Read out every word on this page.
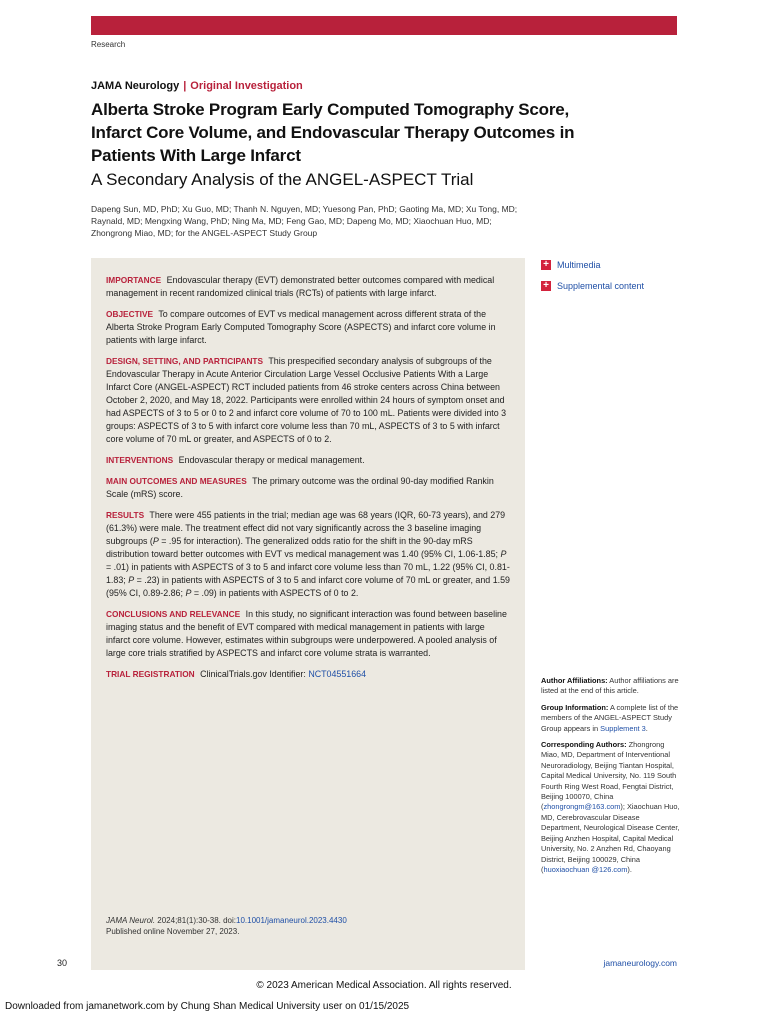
Research
JAMA Neurology | Original Investigation
Alberta Stroke Program Early Computed Tomography Score, Infarct Core Volume, and Endovascular Therapy Outcomes in Patients With Large Infarct
A Secondary Analysis of the ANGEL-ASPECT Trial
Dapeng Sun, MD, PhD; Xu Guo, MD; Thanh N. Nguyen, MD; Yuesong Pan, PhD; Gaoting Ma, MD; Xu Tong, MD; Raynald, MD; Mengxing Wang, PhD; Ning Ma, MD; Feng Gao, MD; Dapeng Mo, MD; Xiaochuan Huo, MD; Zhongrong Miao, MD; for the ANGEL-ASPECT Study Group
+ Multimedia
+ Supplemental content

IMPORTANCE Endovascular therapy (EVT) demonstrated better outcomes compared with medical management in recent randomized clinical trials (RCTs) of patients with large infarct.

OBJECTIVE To compare outcomes of EVT vs medical management across different strata of the Alberta Stroke Program Early Computed Tomography Score (ASPECTS) and infarct core volume in patients with large infarct.

DESIGN, SETTING, AND PARTICIPANTS This prespecified secondary analysis of subgroups of the Endovascular Therapy in Acute Anterior Circulation Large Vessel Occlusive Patients With a Large Infarct Core (ANGEL-ASPECT) RCT included patients from 46 stroke centers across China between October 2, 2020, and May 18, 2022. Participants were enrolled within 24 hours of symptom onset and had ASPECTS of 3 to 5 or 0 to 2 and infarct core volume of 70 to 100 mL. Patients were divided into 3 groups: ASPECTS of 3 to 5 with infarct core volume less than 70 mL, ASPECTS of 3 to 5 with infarct core volume of 70 mL or greater, and ASPECTS of 0 to 2.

INTERVENTIONS Endovascular therapy or medical management.

MAIN OUTCOMES AND MEASURES The primary outcome was the ordinal 90-day modified Rankin Scale (mRS) score.

RESULTS There were 455 patients in the trial; median age was 68 years (IQR, 60-73 years), and 279 (61.3%) were male. The treatment effect did not vary significantly across the 3 baseline imaging subgroups (P = .95 for interaction). The generalized odds ratio for the shift in the 90-day mRS distribution toward better outcomes with EVT vs medical management was 1.40 (95% CI, 1.06-1.85; P = .01) in patients with ASPECTS of 3 to 5 and infarct core volume less than 70 mL, 1.22 (95% CI, 0.81-1.83; P = .23) in patients with ASPECTS of 3 to 5 and infarct core volume of 70 mL or greater, and 1.59 (95% CI, 0.89-2.86; P = .09) in patients with ASPECTS of 0 to 2.

CONCLUSIONS AND RELEVANCE In this study, no significant interaction was found between baseline imaging status and the benefit of EVT compared with medical management in patients with large infarct core volume. However, estimates within subgroups were underpowered. A pooled analysis of large core trials stratified by ASPECTS and infarct core volume strata is warranted.

TRIAL REGISTRATION ClinicalTrials.gov Identifier: NCT04551664

JAMA Neurol. 2024;81(1):30-38. doi:10.1001/jamaneurol.2023.4430
Published online November 27, 2023.

Author Affiliations: Author affiliations are listed at the end of this article.

Group Information: A complete list of the members of the ANGEL-ASPECT Study Group appears in Supplement 3.

Corresponding Authors: Zhongrong Miao, MD, Department of Interventional Neuroradiology, Beijing Tiantan Hospital, Capital Medical University, No. 119 South Fourth Ring West Road, Fengtai District, Beijing 100070, China (zhongrongm@163.com); Xiaochuan Huo, MD, Cerebrovascular Disease Department, Neurological Disease Center, Beijing Anzhen Hospital, Capital Medical University, No. 2 Anzhen Rd, Chaoyang District, Beijing 100029, China (huoxiaochuan @126.com).

30	jamaneurology.com
© 2023 American Medical Association. All rights reserved.
Downloaded from jamanetwork.com by Chung Shan Medical University user on 01/15/2025
